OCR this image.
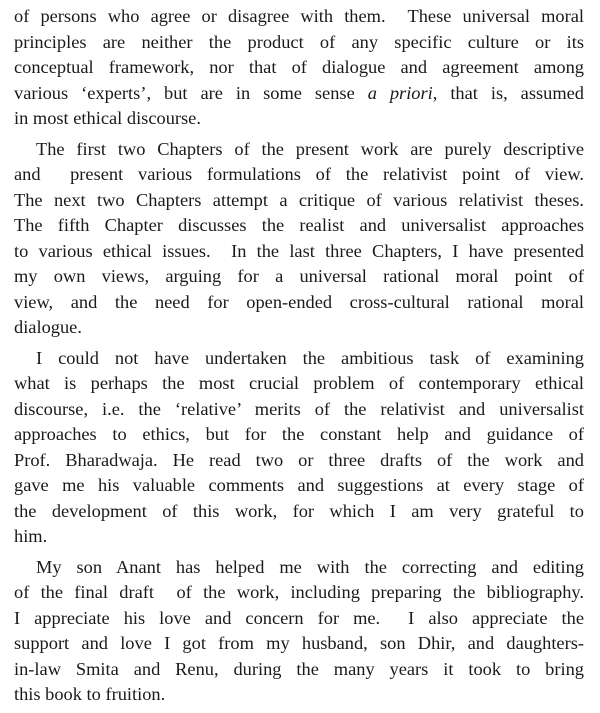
of persons who agree or disagree with them.  These universal moral
principles are neither the product of any specific culture or its
conceptual framework, nor that of dialogue and agreement among
various ‘experts’, but are in some sense a priori, that is, assumed
in most ethical discourse.
The first two Chapters of the present work are purely descriptive
and  present various formulations of the relativist point of view.
The next two Chapters attempt a critique of various relativist theses.
The fifth Chapter discusses the realist and universalist approaches
to various ethical issues.  In the last three Chapters, I have presented
my own views, arguing for a universal rational moral point of
view, and the need for open-ended cross-cultural rational moral
dialogue.
I could not have undertaken the ambitious task of examining
what is perhaps the most crucial problem of contemporary ethical
discourse, i.e. the ‘relative’ merits of the relativist and universalist
approaches to ethics, but for the constant help and guidance of
Prof. Bharadwaja. He read two or three drafts of the work and
gave me his valuable comments and suggestions at every stage of
the development of this work, for which I am very grateful to
him.
My son Anant has helped me with the correcting and editing
of the final draft  of the work, including preparing the bibliography.
I appreciate his love and concern for me.  I also appreciate the
support and love I got from my husband, son Dhir, and daughters-
in-law Smita and Renu, during the many years it took to bring
this book to fruition.
